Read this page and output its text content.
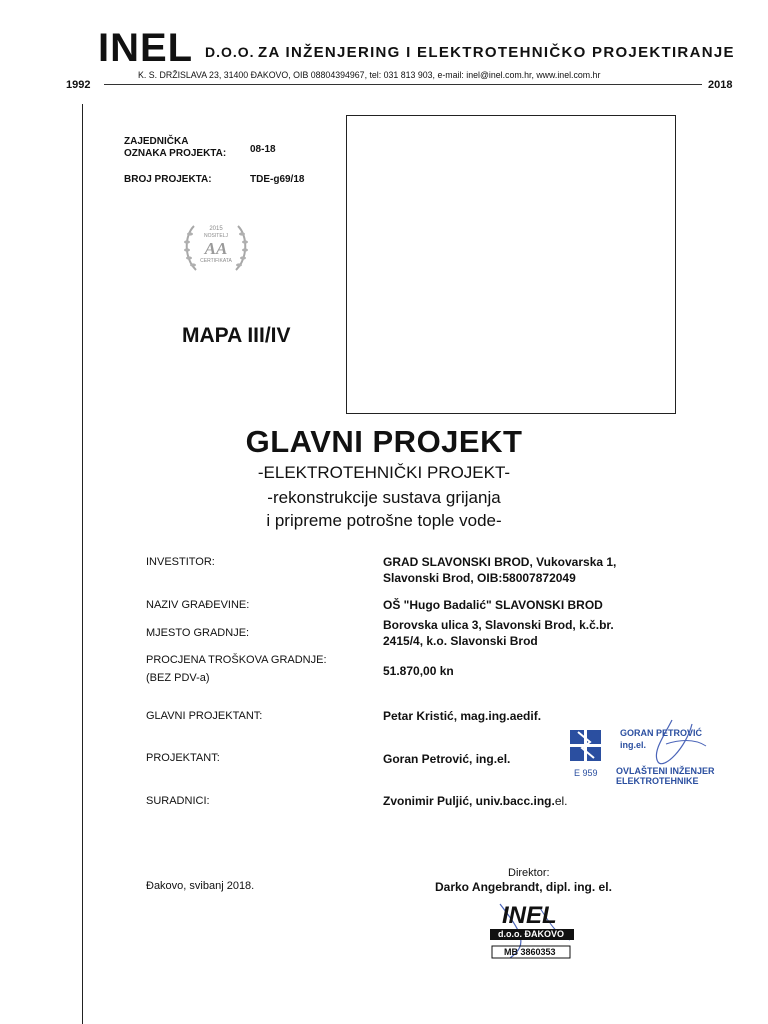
INEL D.O.O. ZA INŽENJERING I ELEKTROTEHNIČKO PROJEKTIRANJE
K. S. DRŽISLAVA 23, 31400 ĐAKOVO, OIB 08804394967, tel: 031 813 903, e-mail: inel@inel.com.hr, www.inel.com.hr
1992	2018
ZAJEDNIČKA
OZNAKA PROJEKTA: 08-18
BROJ PROJEKTA:	TDE-g69/18
2015
NOSITELJ
AA
CERTIFIKATA
MAPA III/IV
GLAVNI PROJEKT
-ELEKTROTEHNIČKI PROJEKT-
-rekonstrukcije sustava grijanja
i pripreme potrošne tople vode-
INVESTITOR:	GRAD SLAVONSKI BROD, Vukovarska 1,
Slavonski Brod, OIB:58007872049
NAZIV GRAĐEVINE:	OŠ "Hugo Badalić" SLAVONSKI BROD
MJESTO GRADNJE:
Borovska ulica 3, Slavonski Brod, k.č.br.
2415/4, k.o. Slavonski Brod
PROCJENA TROŠKOVA GRADNJE:
(BEZ PDV-a)	51.870,00 kn
GLAVNI PROJEKTANT:	Petar Kristić, mag.ing.aedif.
PROJEKTANT:	Goran Petrović, ing.el.
SURADNICI:	Zvonimir Puljić, univ.bacc.ing.el.
GORAN PETROVIĆ
ing.el.
E 959 OVLAŠTENI INŽENJER
ELEKTROTEHNIKE
Đakovo, svibanj 2018.
Direktor:
Darko Angebrandt, dipl. ing. el.
INEL
d.o.o. ĐAKOVO
MB 3860353
